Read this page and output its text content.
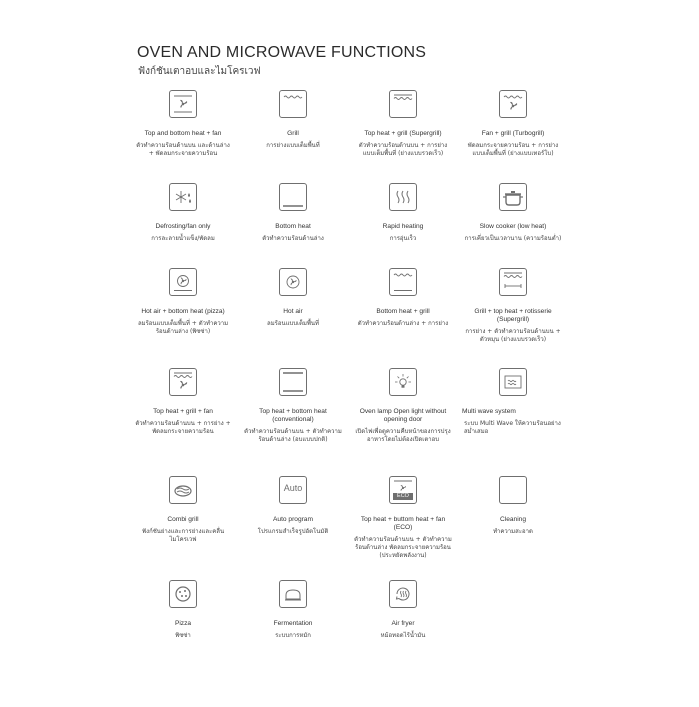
OVEN AND MICROWAVE FUNCTIONS
ฟังก์ชันเตาอบและไมโครเวฟ
Top and bottom heat + fan
ตัวทำความร้อนด้านบน และด้านล่าง + พัดลมกระจายความร้อน
Grill
การย่างแบบเต็มพื้นที่
Top heat + grill (Supergrill)
ตัวทำความร้อนด้านบน + การย่างแบบเต็มพื้นที่ (ย่างแบบรวดเร็ว)
Fan + grill (Turbogrill)
พัดลมกระจายความร้อน + การย่างแบบเต็มพื้นที่ (ย่างแบบเทอร์โบ)
Defrosting/fan only
การละลายน้ำแข็ง/พัดลม
Bottom heat
ตัวทำความร้อนด้านล่าง
Rapid heating
การอุ่นเร็ว
Slow cooker (low heat)
การเคี่ยวเป็นเวลานาน (ความร้อนต่ำ)
Hot air + bottom heat (pizza)
ลมร้อนแบบเต็มพื้นที่ + ตัวทำความร้อนด้านล่าง (พิซซ่า)
Hot air
ลมร้อนแบบเต็มพื้นที่
Bottom heat + grill
ตัวทำความร้อนด้านล่าง + การย่าง
Grill + top heat + rotisserie (Supergrill)
การย่าง + ตัวทำความร้อนด้านบน + ตัวหมุน (ย่างแบบรวดเร็ว)
Top heat + grill + fan
ตัวทำความร้อนด้านบน + การย่าง + พัดลมกระจายความร้อน
Top heat + bottom heat (conventional)
ตัวทำความร้อนด้านบน + ตัวทำความร้อนด้านล่าง (อบแบบปกติ)
Oven lamp Open light without opening door
เปิดไฟเพื่อดูความคืบหน้าของการปรุงอาหารโดยไม่ต้องเปิดเตาอบ
Multi wave system
ระบบ Multi Wave ให้ความร้อนอย่างสม่ำเสมอ
Combi grill
ฟังก์ชันย่างและการย่างและคลื่นไมโครเวฟ
Auto
Auto program
โปรแกรมสำเร็จรูปอัตโนมัติ
ECO
Top heat + buttom heat + fan (ECO)
ตัวทำความร้อนด้านบน + ตัวทำความร้อนด้านล่าง พัดลมกระจายความร้อน (ประหยัดพลังงาน)
Cleaning
ทำความสะอาด
Pizza
พิซซ่า
Fermentation
ระบบการหมัก
Air fryer
หม้อทอดไร้น้ำมัน
